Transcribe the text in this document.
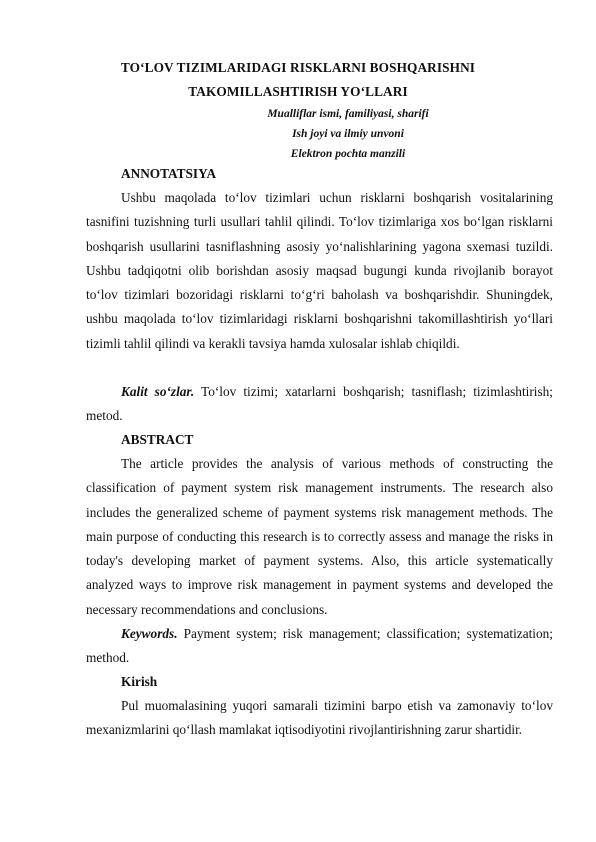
TO‘LOV TIZIMLARIDAGI RISKLARNI BOSHQARISHNI
TAKOMILLASHTIRISH YO‘LLARI
Mualliflar ismi, familiyasi, sharifi
Ish joyi va ilmiy unvoni
Elektron pochta manzili
ANNOTATSIYA

Ushbu maqolada to‘lov tizimlari uchun risklarni boshqarish vositalarining tasnifini tuzishning turli usullari tahlil qilindi. To‘lov tizimlariga xos bo‘lgan risklarni boshqarish usullarini tasniflashning asosiy yo‘nalishlarining yagona sxemasi tuzildi. Ushbu tadqiqotni olib borishdan asosiy maqsad bugungi kunda rivojlanib borayot to‘lov tizimlari bozoridagi risklarni to‘g‘ri baholash va boshqarishdir. Shuningdek, ushbu maqolada to‘lov tizimlaridagi risklarni boshqarishni takomillashtirish yo‘llari tizimli tahlil qilindi va kerakli tavsiya hamda xulosalar ishlab chiqildi.

Kalit so‘zlar. To‘lov tizimi; xatarlarni boshqarish; tasniflash; tizimlashtirish; metod.

ABSTRACT

The article provides the analysis of various methods of constructing the classification of payment system risk management instruments. The research also includes the generalized scheme of payment systems risk management methods. The main purpose of conducting this research is to correctly assess and manage the risks in today's developing market of payment systems. Also, this article systematically analyzed ways to improve risk management in payment systems and developed the necessary recommendations and conclusions.

Keywords. Payment system; risk management; classification; systematization; method.

Kirish

Pul muomalasining yuqori samarali tizimini barpo etish va zamonaviy to‘lov mexanizmlarini qo‘llash mamlakat iqtisodiyotini rivojlantirishning zarur shartidir.
